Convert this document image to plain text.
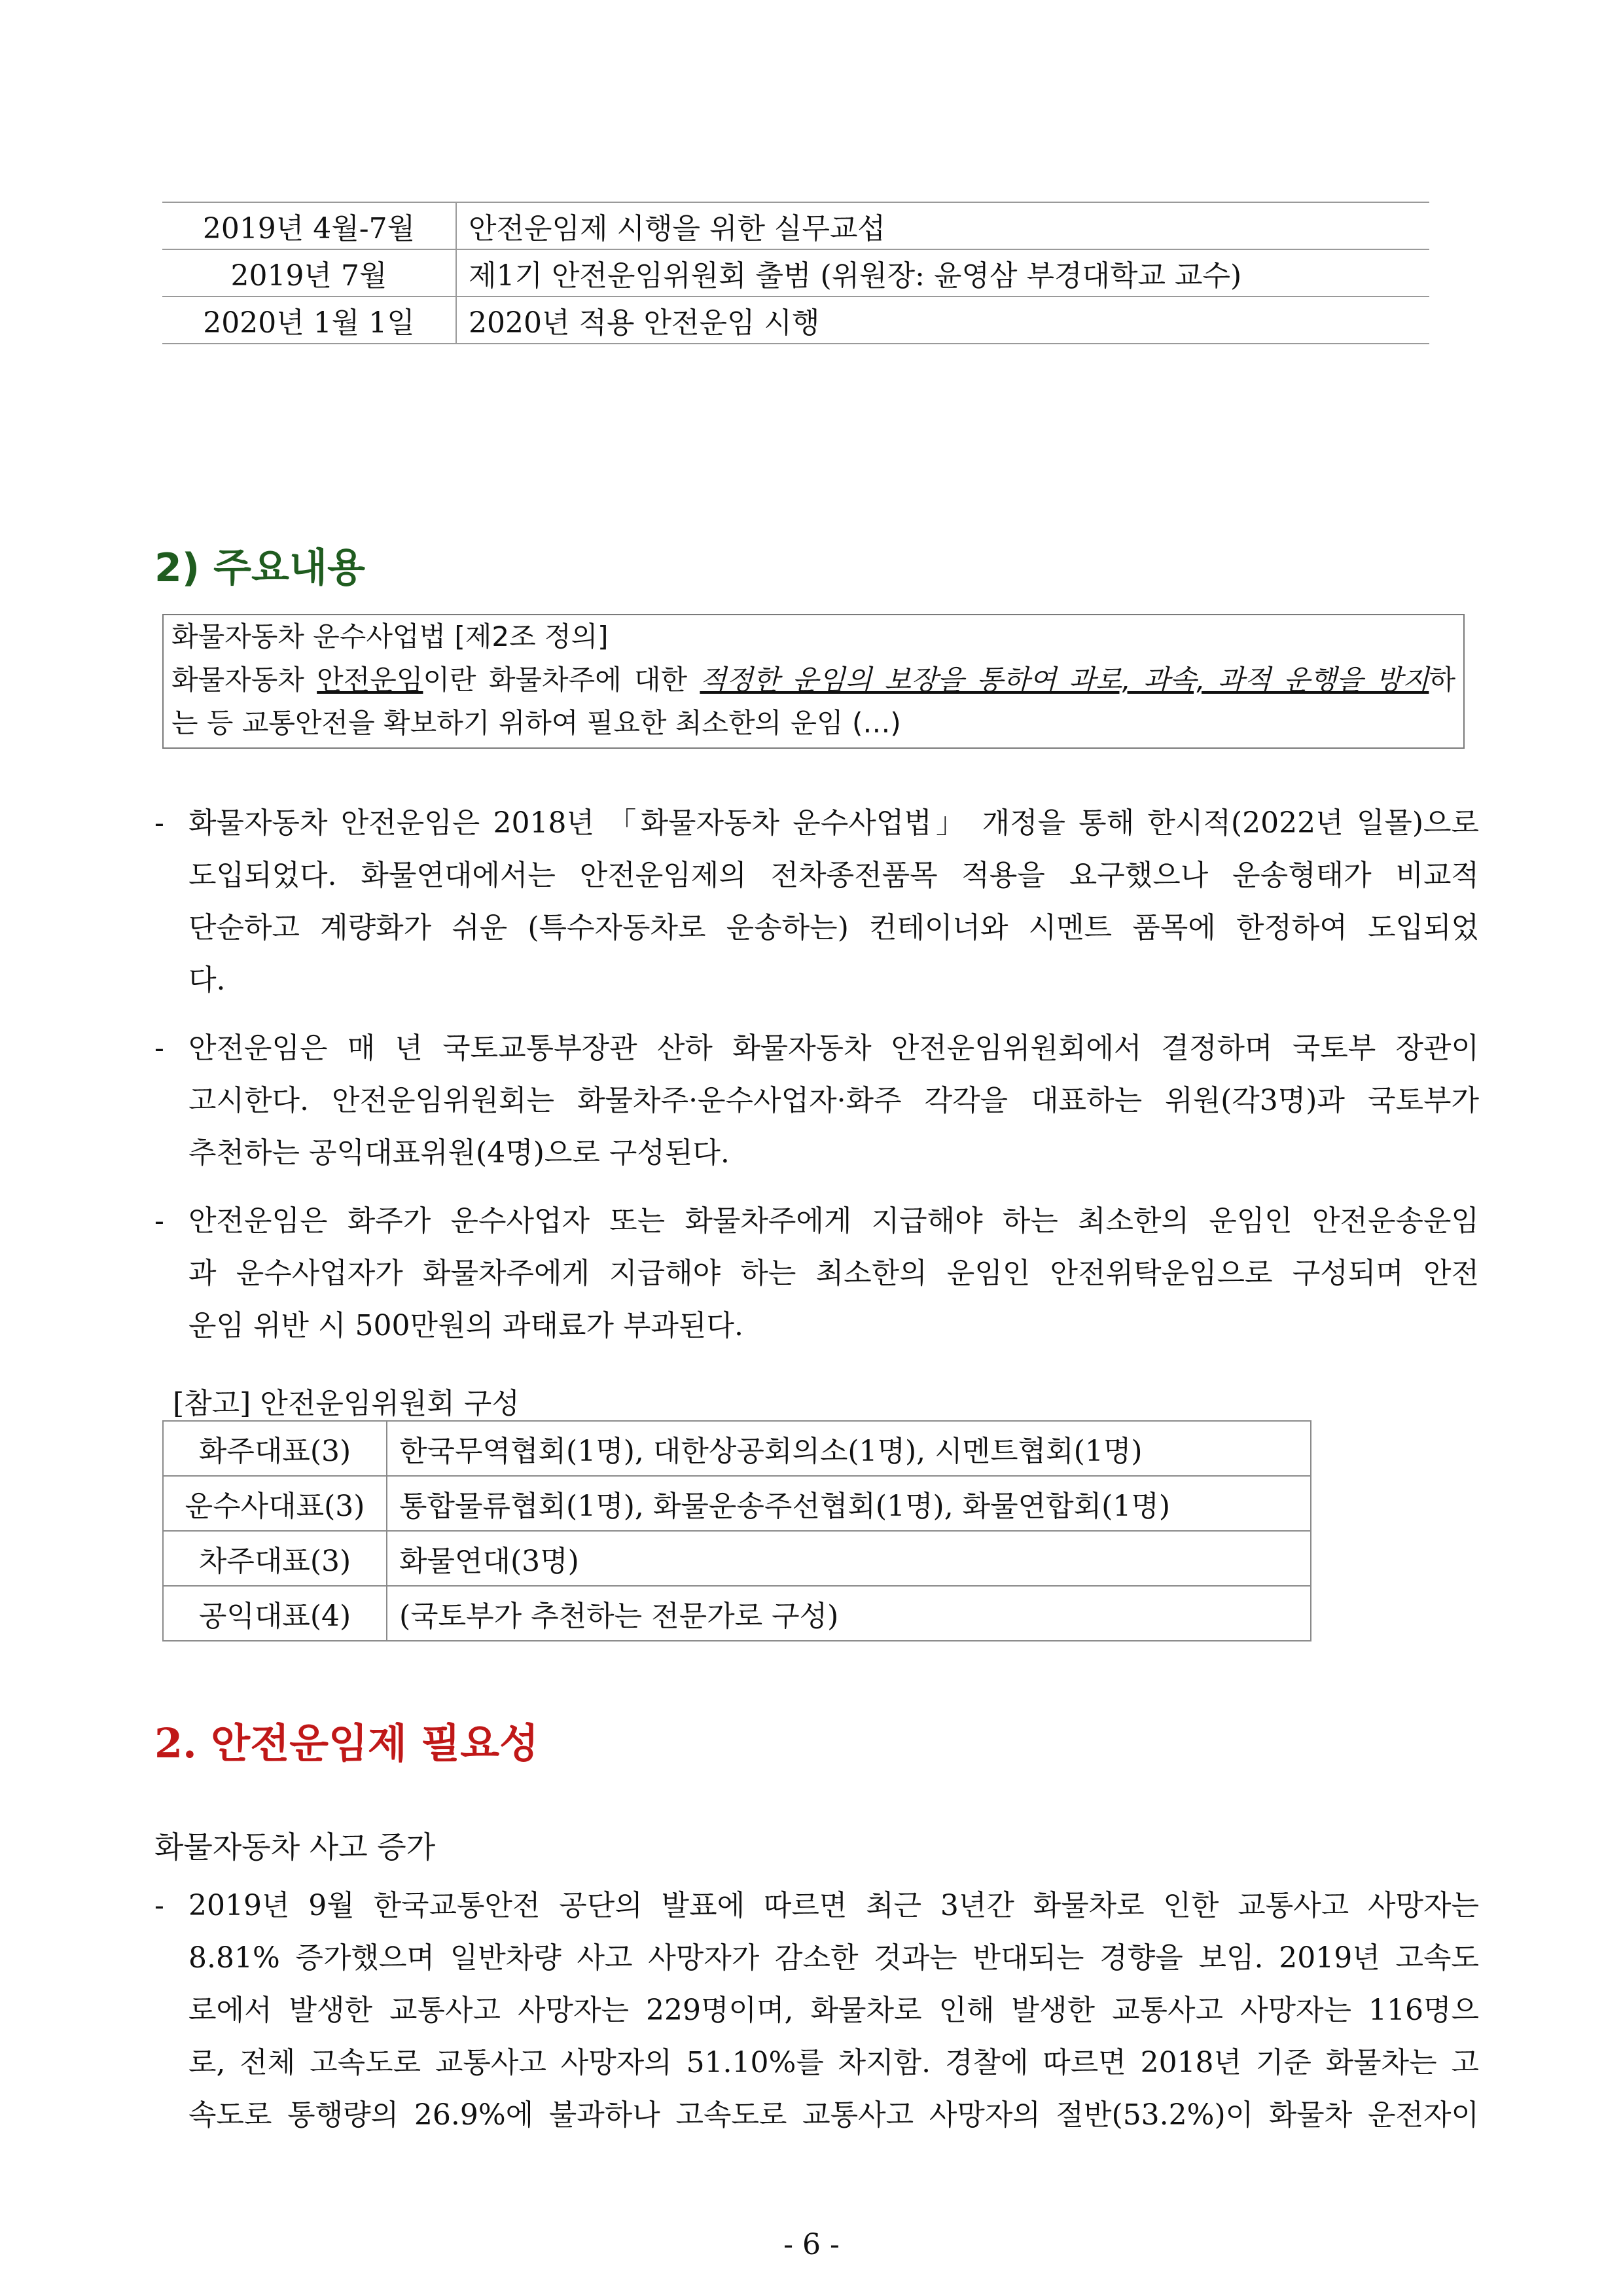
2019년 4월-7월	안전운임제 시행을 위한 실무교섭
2019년 7월	제1기 안전운임위원회 출범 (위원장: 윤영삼 부경대학교 교수)
2020년 1월 1일	2020년 적용 안전운임 시행
2) 주요내용
화물자동차 운수사업법 [제2조 정의]
화물자동차 안전운임이란 화물차주에 대한 적정한 운임의 보장을 통하여 과로, 과속, 과적 운행을 방지하
는 등 교통안전을 확보하기 위하여 필요한 최소한의 운임 (…)
- 화물자동차 안전운임은 2018년 「화물자동차 운수사업법」 개정을 통해 한시적(2022년 일몰)으로
도입되었다. 화물연대에서는 안전운임제의 전차종전품목 적용을 요구했으나 운송형태가 비교적
단순하고 계량화가 쉬운 (특수자동차로 운송하는) 컨테이너와 시멘트 품목에 한정하여 도입되었
다.
- 안전운임은 매 년 국토교통부장관 산하 화물자동차 안전운임위원회에서 결정하며 국토부 장관이
고시한다. 안전운임위원회는 화물차주·운수사업자·화주 각각을 대표하는 위원(각3명)과 국토부가
추천하는 공익대표위원(4명)으로 구성된다.
- 안전운임은 화주가 운수사업자 또는 화물차주에게 지급해야 하는 최소한의 운임인 안전운송운임
과 운수사업자가 화물차주에게 지급해야 하는 최소한의 운임인 안전위탁운임으로 구성되며 안전
운임 위반 시 500만원의 과태료가 부과된다.
[참고] 안전운임위원회 구성
화주대표(3)	한국무역협회(1명), 대한상공회의소(1명), 시멘트협회(1명)
운수사대표(3)	통합물류협회(1명), 화물운송주선협회(1명), 화물연합회(1명)
차주대표(3)	화물연대(3명)
공익대표(4)	(국토부가 추천하는 전문가로 구성)
2. 안전운임제 필요성
화물자동차 사고 증가
- 2019년 9월 한국교통안전 공단의 발표에 따르면 최근 3년간 화물차로 인한 교통사고 사망자는
8.81% 증가했으며 일반차량 사고 사망자가 감소한 것과는 반대되는 경향을 보임. 2019년 고속도
로에서 발생한 교통사고 사망자는 229명이며, 화물차로 인해 발생한 교통사고 사망자는 116명으
로, 전체 고속도로 교통사고 사망자의 51.10%를 차지함. 경찰에 따르면 2018년 기준 화물차는 고
속도로 통행량의 26.9%에 불과하나 고속도로 교통사고 사망자의 절반(53.2%)이 화물차 운전자이
- 6 -
